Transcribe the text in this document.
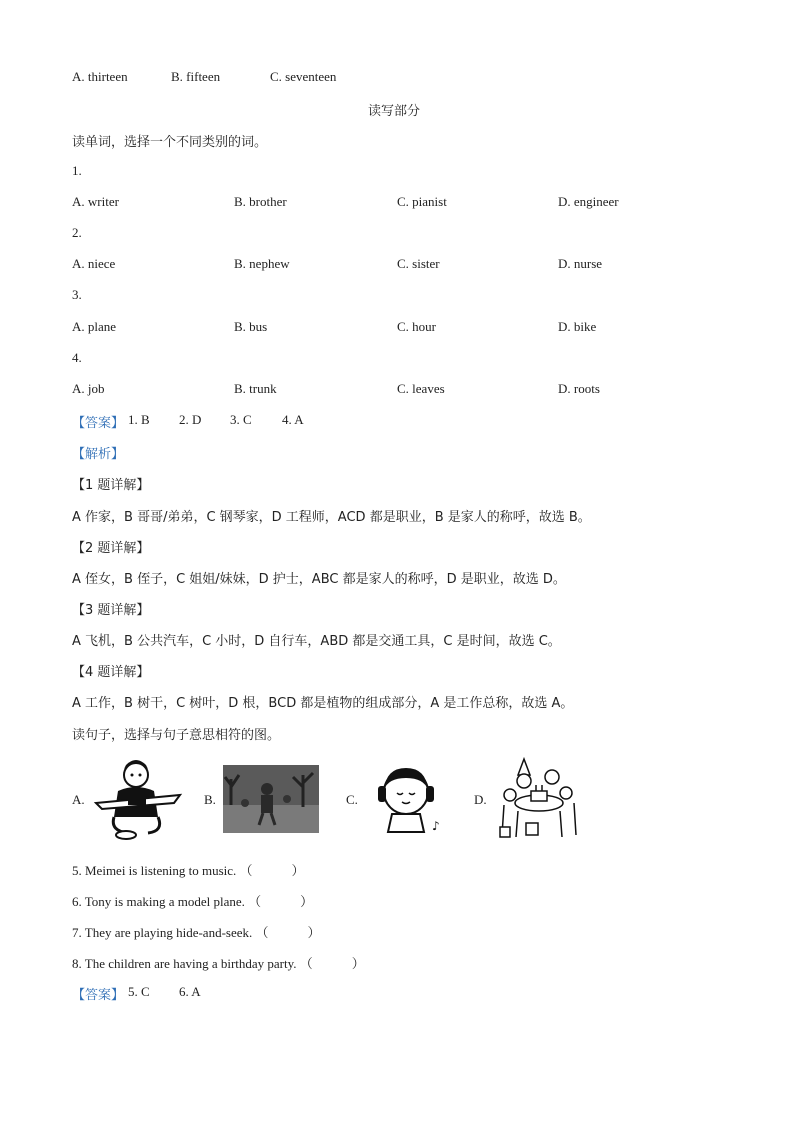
A. thirteen	B. fifteen	C. seventeen
读写部分
读单词，选择一个不同类别的词。
1.
A. writer	B. brother	C. pianist	D. engineer
2.
A. niece	B. nephew	C. sister	D. nurse
3.
A. plane	B. bus	C. hour	D. bike
4.
A. job	B. trunk	C. leaves	D. roots
【答案】 1. B 2. D 3. C 4. A
【解析】
【1 题详解】
A 作家，B 哥哥/弟弟，C 钢琴家，D 工程师，ACD 都是职业，B 是家人的称呼，故选 B。
【2 题详解】
A 侄女，B 侄子，C 姐姐/妹妹，D 护士，ABC 都是家人的称呼，D 是职业，故选 D。
【3 题详解】
A 飞机，B 公共汽车，C 小时，D 自行车，ABD 都是交通工具，C 是时间，故选 C。
【4 题详解】
A 工作，B 树干，C 树叶，D 根，BCD 都是植物的组成部分，A 是工作总称，故选 A。
读句子，选择与句子意思相符的图。
A.	B.	C.
♪
D.
5. Meimei is listening to music. （　　　）
6. Tony is making a model plane. （　　　）
7. They are playing hide-and-seek. （　　　）
8. The children are having a birthday party. （　　　）
【答案】 5. C 6. A
